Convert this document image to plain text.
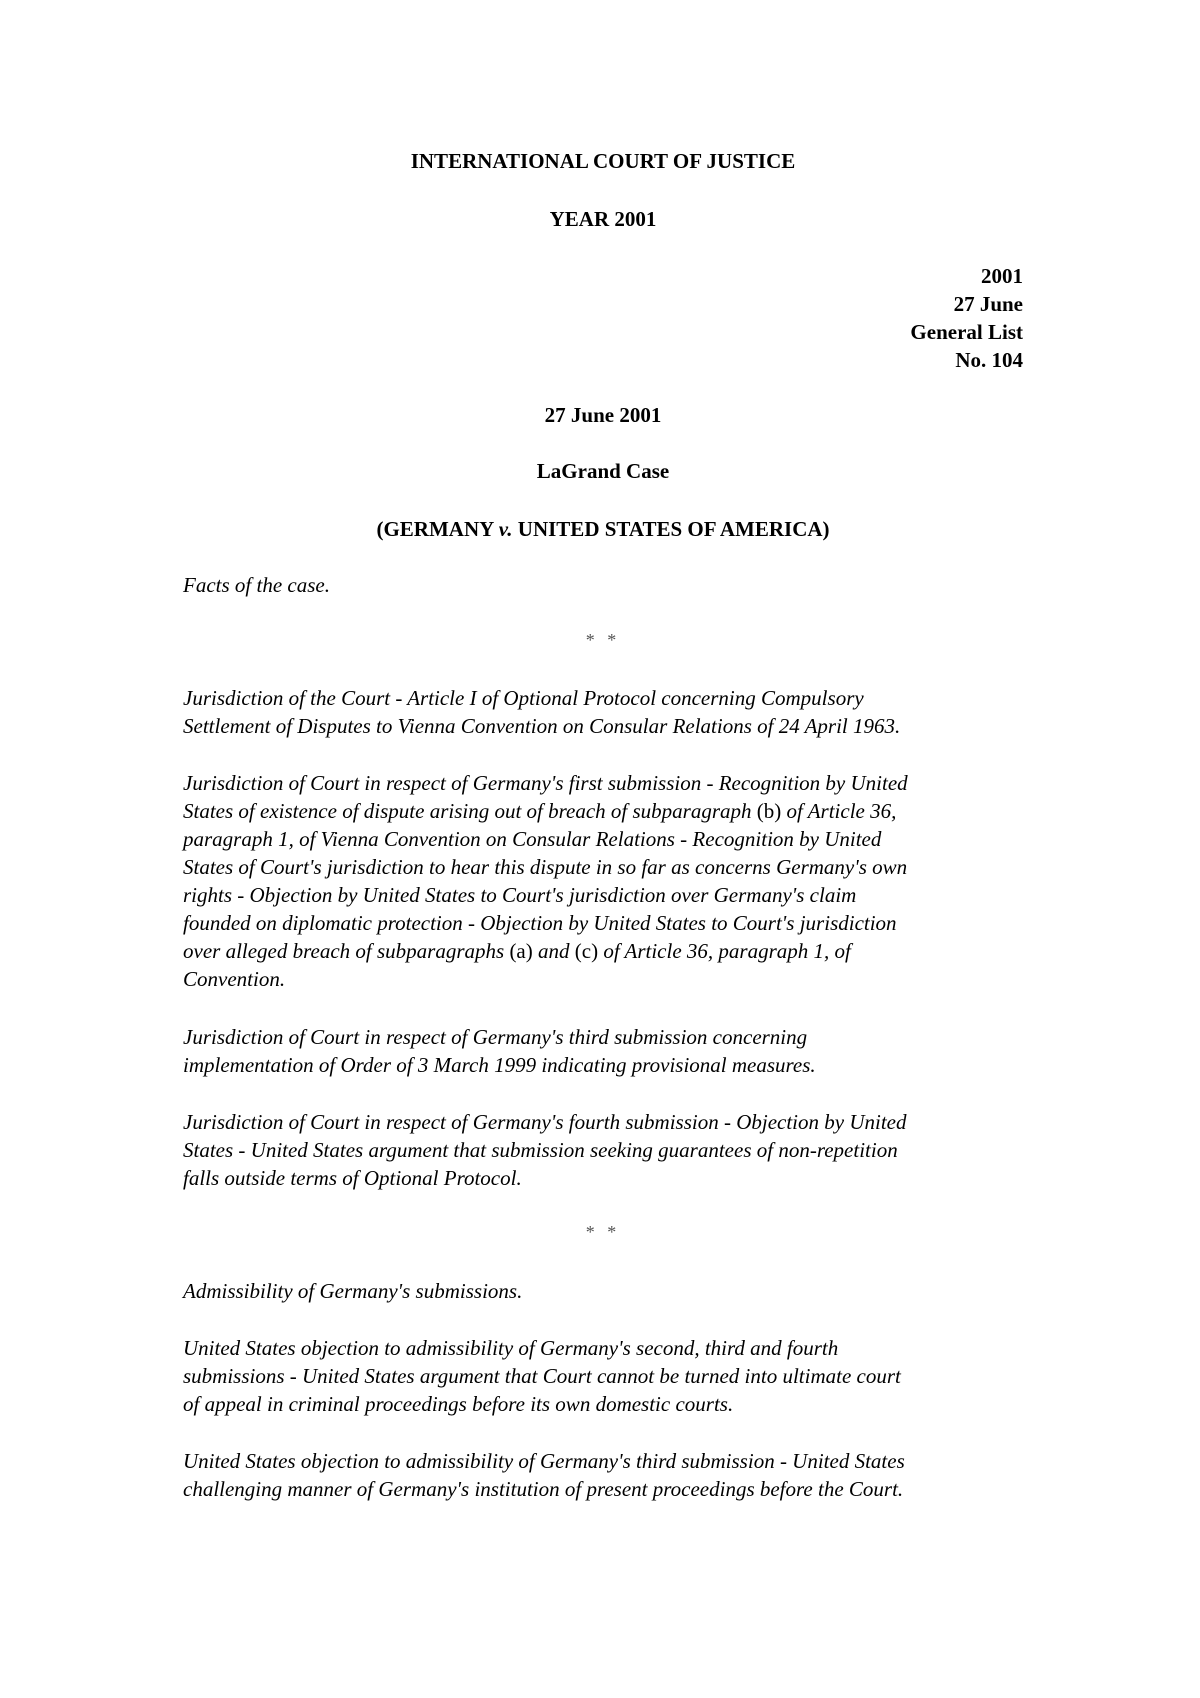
INTERNATIONAL COURT OF JUSTICE
YEAR 2001
2001
27 June
General List
No. 104
27 June 2001
LaGrand Case
(GERMANY v. UNITED STATES OF AMERICA)
Facts of the case.
* *
Jurisdiction of the Court - Article I of Optional Protocol concerning Compulsory
Settlement of Disputes to Vienna Convention on Consular Relations of 24 April 1963.
Jurisdiction of Court in respect of Germany's first submission - Recognition by United
States of existence of dispute arising out of breach of subparagraph (b) of Article 36,
paragraph 1, of Vienna Convention on Consular Relations - Recognition by United
States of Court's jurisdiction to hear this dispute in so far as concerns Germany's own
rights - Objection by United States to Court's jurisdiction over Germany's claim
founded on diplomatic protection - Objection by United States to Court's jurisdiction
over alleged breach of subparagraphs (a) and (c) of Article 36, paragraph 1, of
Convention.
Jurisdiction of Court in respect of Germany's third submission concerning
implementation of Order of 3 March 1999 indicating provisional measures.
Jurisdiction of Court in respect of Germany's fourth submission - Objection by United
States - United States argument that submission seeking guarantees of non-repetition
falls outside terms of Optional Protocol.
* *
Admissibility of Germany's submissions.
United States objection to admissibility of Germany's second, third and fourth
submissions - United States argument that Court cannot be turned into ultimate court
of appeal in criminal proceedings before its own domestic courts.
United States objection to admissibility of Germany's third submission - United States
challenging manner of Germany's institution of present proceedings before the Court.
